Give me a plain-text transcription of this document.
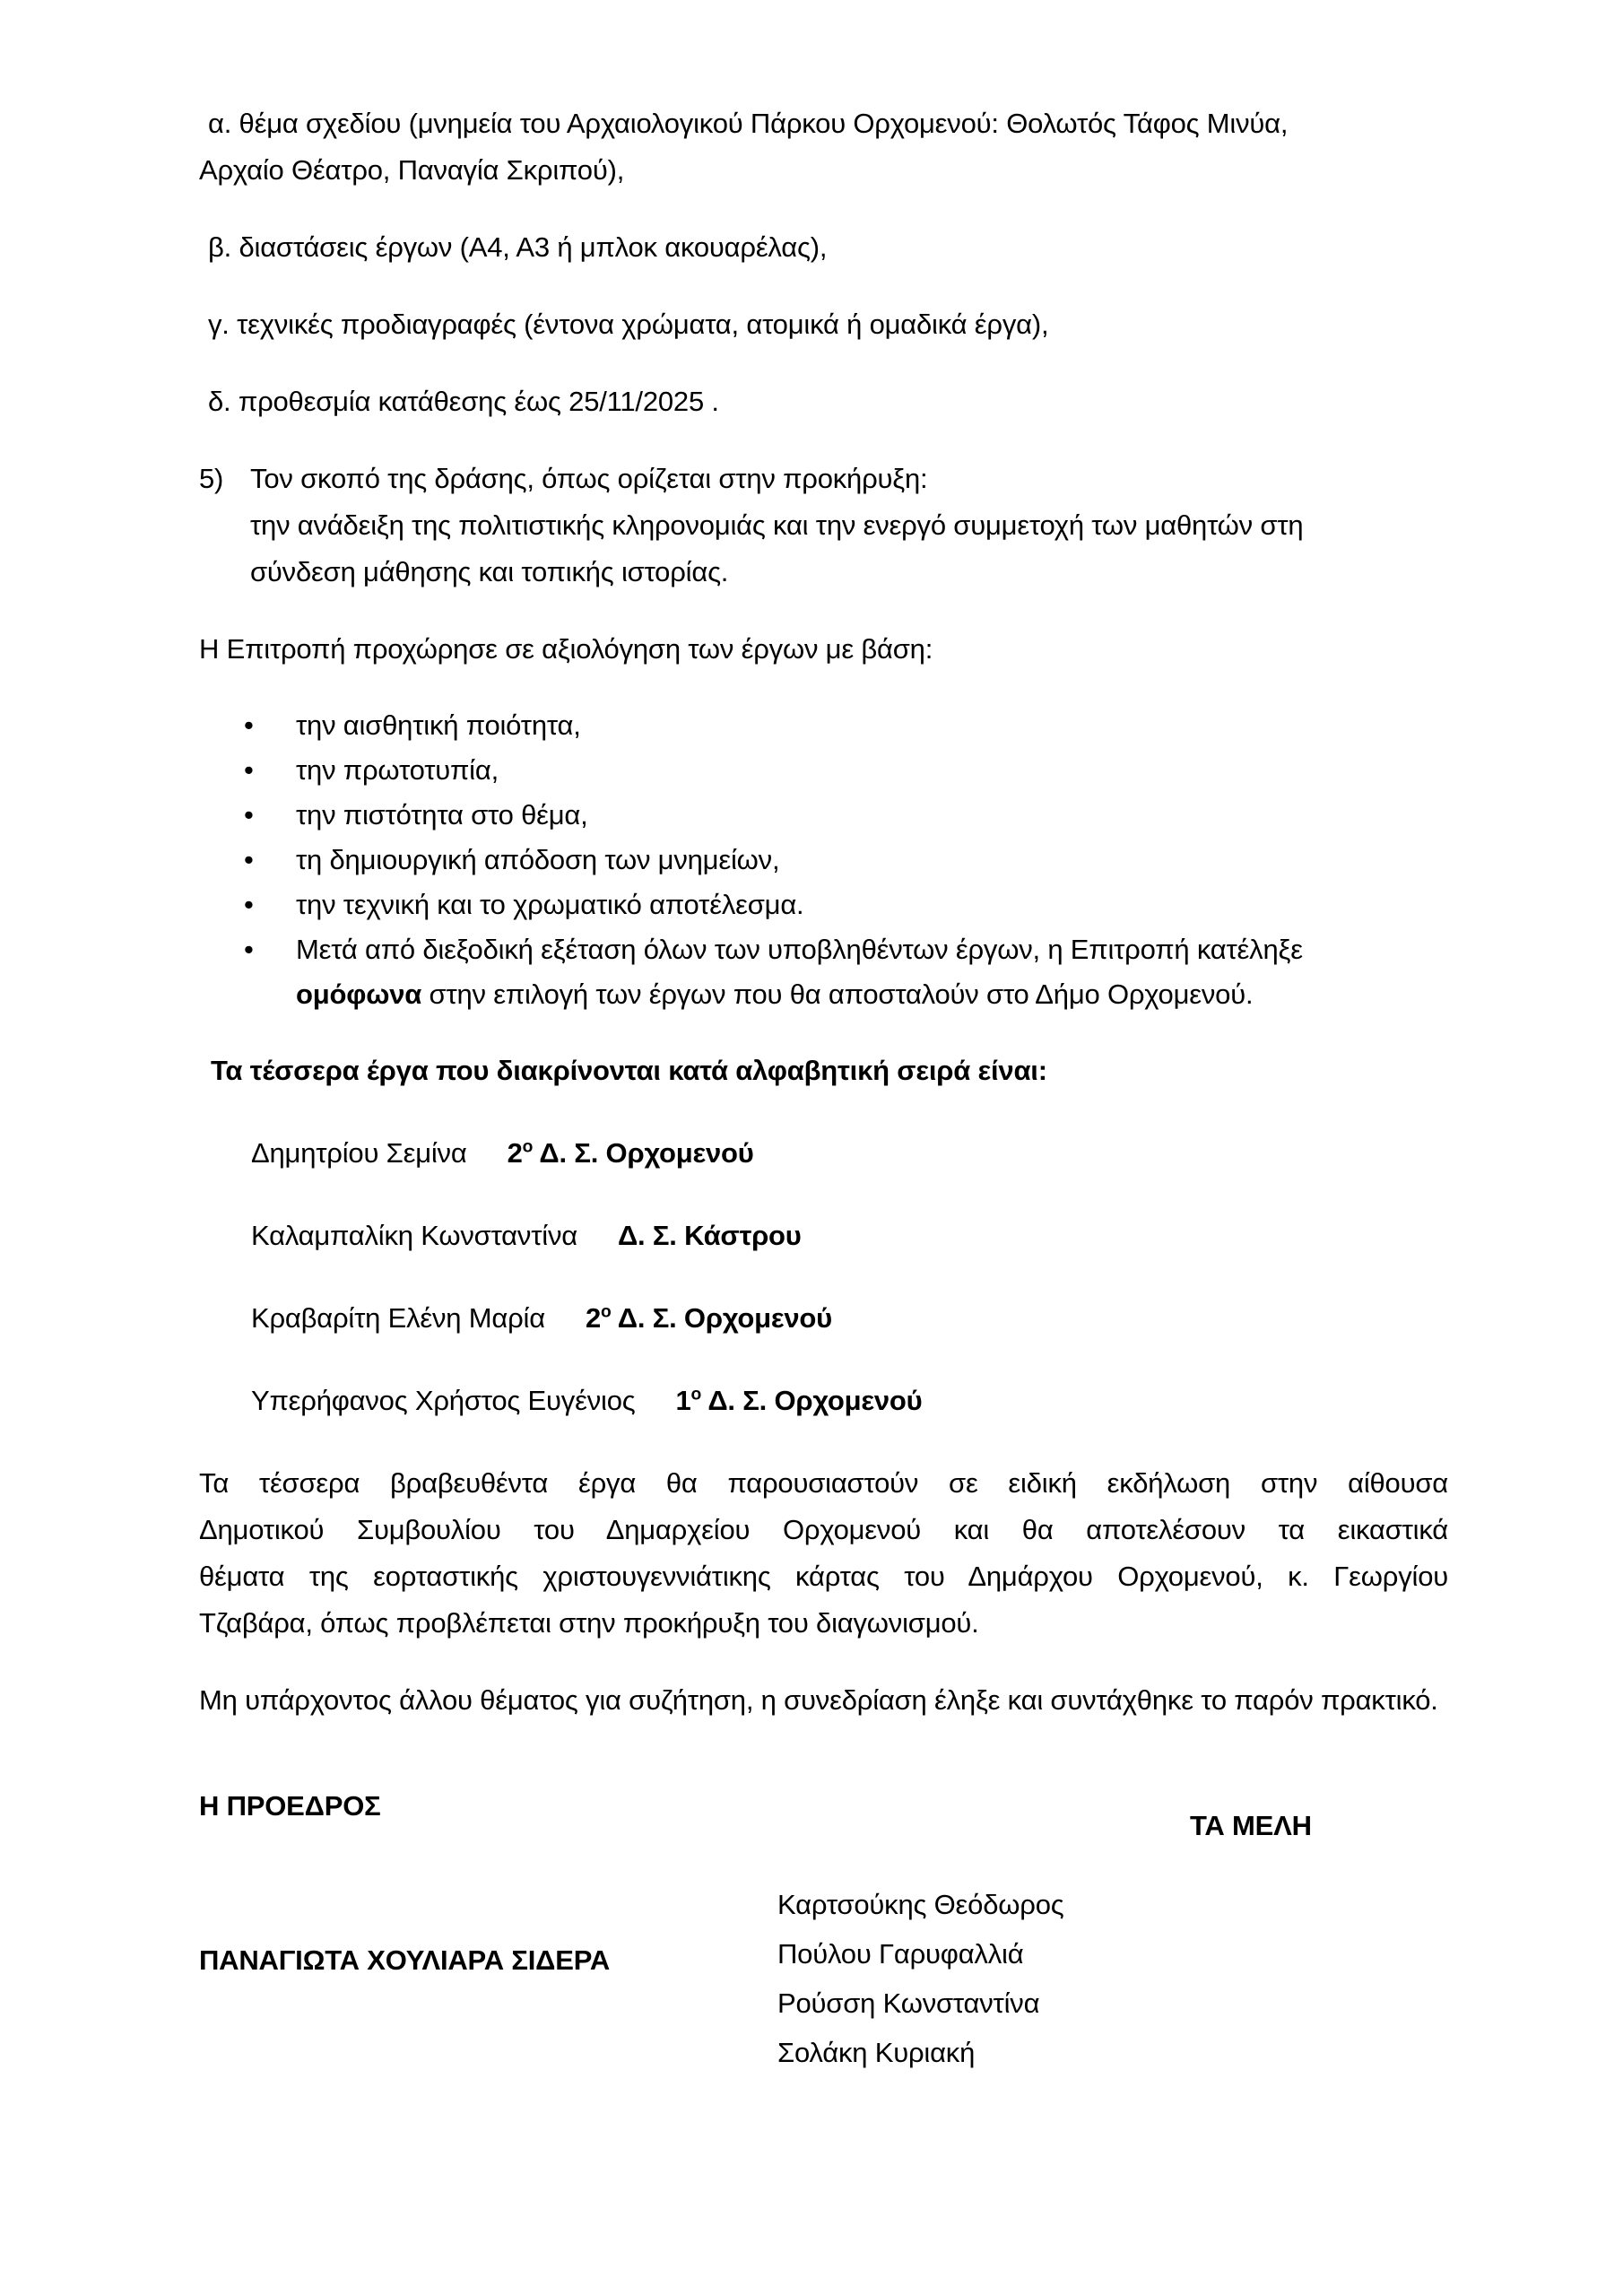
α. θέμα σχεδίου (μνημεία του Αρχαιολογικού Πάρκου Ορχομενού: Θολωτός Τάφος Μινύα,
Αρχαίο Θέατρο, Παναγία Σκριπού),
β. διαστάσεις έργων (Α4, Α3 ή μπλοκ ακουαρέλας),
γ. τεχνικές προδιαγραφές (έντονα χρώματα, ατομικά ή ομαδικά έργα),
δ. προθεσμία κατάθεσης έως 25/11/2025 .
5) Τον σκοπό της δράσης, όπως ορίζεται στην προκήρυξη:
την ανάδειξη της πολιτιστικής κληρονομιάς και την ενεργό συμμετοχή των μαθητών στη
σύνδεση μάθησης και τοπικής ιστορίας.
Η Επιτροπή προχώρησε σε αξιολόγηση των έργων με βάση:
•	την αισθητική ποιότητα,
•	την πρωτοτυπία,
•	την πιστότητα στο θέμα,
•	τη δημιουργική απόδοση των μνημείων,
•	την τεχνική και το χρωματικό αποτέλεσμα.
•	Μετά από διεξοδική εξέταση όλων των υποβληθέντων έργων, η Επιτροπή κατέληξε
ομόφωνα στην επιλογή των έργων που θα αποσταλούν στο Δήμο Ορχομενού.
Τα τέσσερα έργα που διακρίνονται κατά αλφαβητική σειρά είναι:
Δημητρίου Σεμίνα $2^o$ Δ. Σ. Ορχομενού
Καλαμπαλίκη Κωνσταντίνα Δ. Σ. Κάστρου
Κραβαρίτη Ελένη Μαρία $2^o$ Δ. Σ. Ορχομενού
Υπερήφανος Χρήστος Ευγένιος $1^o$ Δ. Σ. Ορχομενού
Τα τέσσερα βραβευθέντα έργα θα παρουσιαστούν σε ειδική εκδήλωση στην αίθουσα
Δημοτικού Συμβουλίου του Δημαρχείου Ορχομενού και θα αποτελέσουν τα εικαστικά
θέματα της εορταστικής χριστουγεννιάτικης κάρτας του Δημάρχου Ορχομενού, κ. Γεωργίου
Τζαβάρα, όπως προβλέπεται στην προκήρυξη του διαγωνισμού.
Μη υπάρχοντος άλλου θέματος για συζήτηση, η συνεδρίαση έληξε και συντάχθηκε το παρόν πρακτικό.
Η ΠΡΟΕΔΡΟΣ
ΤΑ ΜΕΛΗ
ΠΑΝΑΓΙΩΤΑ ΧΟΥΛΙΑΡΑ ΣΙΔΕΡΑ
Καρτσούκης Θεόδωρος
Πούλου Γαρυφαλλιά
Ρούσση Κωνσταντίνα
Σολάκη Κυριακή
